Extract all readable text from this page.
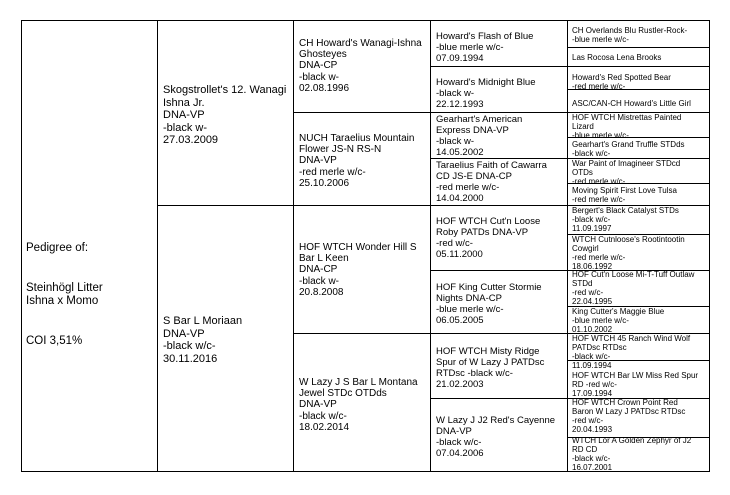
Pedigree of:

Steinhögl Litter
Ishna x Momo

COI 3,51%

Skogstrollet's 12. Wanagi
Ishna Jr.
DNA-VP
-black w-
27.03.2009
S Bar L Moriaan
DNA-VP
-black w/c-
30.11.2016
CH Howard's Wanagi-Ishna
Ghosteyes
DNA-CP
-black w-
02.08.1996
NUCH Taraelius Mountain
Flower JS-N RS-N
DNA-VP
-red merle w/c-
25.10.2006
HOF WTCH Wonder Hill S
Bar L Keen
DNA-CP
-black w-
20.8.2008
W Lazy J S Bar L Montana
Jewel STDc OTDds
DNA-VP
-black w/c-
18.02.2014
Howard's Flash of Blue
-blue merle w/c-
07.09.1994
Howard's Midnight Blue
-black w-
22.12.1993
Gearhart's American
Express DNA-VP
-black w-
14.05.2002
Taraelius Faith of Cawarra
CD JS-E DNA-CP
-red merle w/c-
14.04.2000
HOF WTCH Cut'n Loose
Roby PATDs DNA-VP
-red w/c-
05.11.2000
HOF King Cutter Stormie
Nights DNA-CP
-blue merle w/c-
06.05.2005
HOF WTCH Misty Ridge
Spur of W Lazy J PATDsc
RTDsc -black w/c-
21.02.2003
W Lazy J J2 Red's Cayenne
DNA-VP
-black w/c-
07.04.2006
CH Overlands Blu Rustler-Rock-
-blue merle w/c-
Las Rocosa Lena Brooks
Howard's Red Spotted Bear
-red merle w/c-
ASC/CAN-CH Howard's Little Girl
HOF WTCH Mistrettas Painted
Lizard
-blue merle w/c-
Gearhart's Grand Truffle STDds
-black w/c-
War Paint of Imagineer STDcd
OTDs
-red merle w/c-
Moving Spirit First Love Tulsa
-red merle w/c-
Bergert's Black Catalyst STDs
-black w/c-
11.09.1997
WTCH Cutnloose's Rootintootin
Cowgirl
-red merle w/c-
18.06.1992
HOF Cut'n Loose Mi-T-Tuff Outlaw
STDd
-red w/c-
22.04.1995
King Cutter's Maggie Blue
-blue merle w/c-
01.10.2002
HOF WTCH 45 Ranch Wind Wolf
PATDsc RTDsc
-black w/c-
11.09.1994
HOF WTCH Bar LW Miss Red Spur
RD -red w/c-
17.09.1994
HOF WTCH Crown Point Red
Baron W Lazy J PATDsc RTDsc
-red w/c-
20.04.1993
WTCH Lor A Golden Zephyr of J2
RD CD
-black w/c-
16.07.2001
